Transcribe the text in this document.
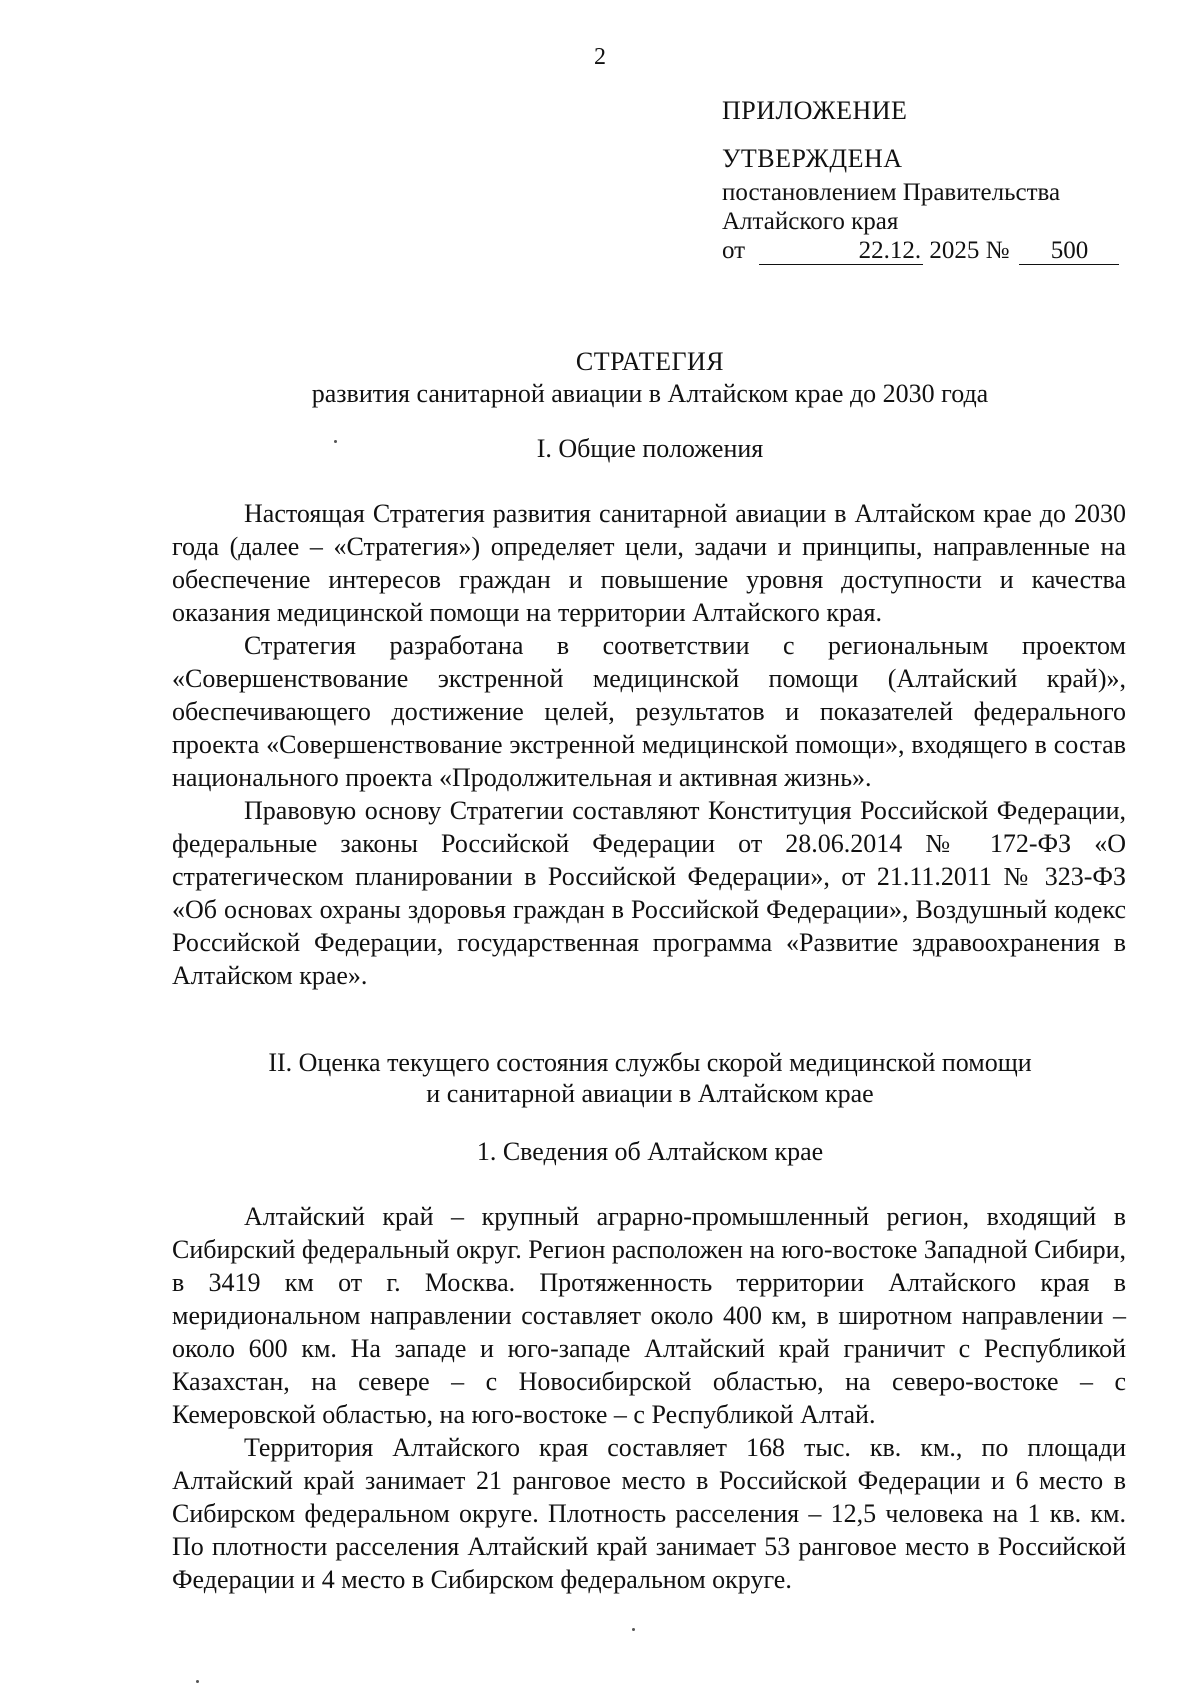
2
ПРИЛОЖЕНИЕ
УТВЕРЖДЕНА
постановлением Правительства
Алтайского края
от	22.12. 2025 № 500
СТРАТЕГИЯ
развития санитарной авиации в Алтайском крае до 2030 года
I. Общие положения

Настоящая Стратегия развития санитарной авиации в Алтайском крае до 2030 года (далее – «Стратегия») определяет цели, задачи и принципы, направленные на обеспечение интересов граждан и повышение уровня доступности и качества оказания медицинской помощи на территории Алтайского края.

Стратегия разработана в соответствии с региональным проектом «Совершенствование экстренной медицинской помощи (Алтайский край)», обеспечивающего достижение целей, результатов и показателей федерального проекта «Совершенствование экстренной медицинской помощи», входящего в состав национального проекта «Продолжительная и активная жизнь».

Правовую основу Стратегии составляют Конституция Российской Федерации, федеральные законы Российской Федерации от 28.06.2014 № 172-ФЗ «О стратегическом планировании в Российской Федерации», от 21.11.2011 № 323-ФЗ «Об основах охраны здоровья граждан в Российской Федерации», Воздушный кодекс Российской Федерации, государственная программа «Развитие здравоохранения в Алтайском крае».

II. Оценка текущего состояния службы скорой медицинской помощи
и санитарной авиации в Алтайском крае
1. Сведения об Алтайском крае

Алтайский край – крупный аграрно-промышленный регион, входящий в Сибирский федеральный округ. Регион расположен на юго-востоке Западной Сибири, в 3419 км от г. Москва. Протяженность территории Алтайского края в меридиональном направлении составляет около 400 км, в широтном направлении – около 600 км. На западе и юго-западе Алтайский край граничит с Республикой Казахстан, на севере – с Новосибирской областью, на северо-востоке – с Кемеровской областью, на юго-востоке – с Республикой Алтай.

Территория Алтайского края составляет 168 тыс. кв. км., по площади Алтайский край занимает 21 ранговое место в Российской Федерации и 6 место в Сибирском федеральном округе. Плотность расселения – 12,5 человека на 1 кв. км. По плотности расселения Алтайский край занимает 53 ранговое место в Российской Федерации и 4 место в Сибирском федеральном округе.
